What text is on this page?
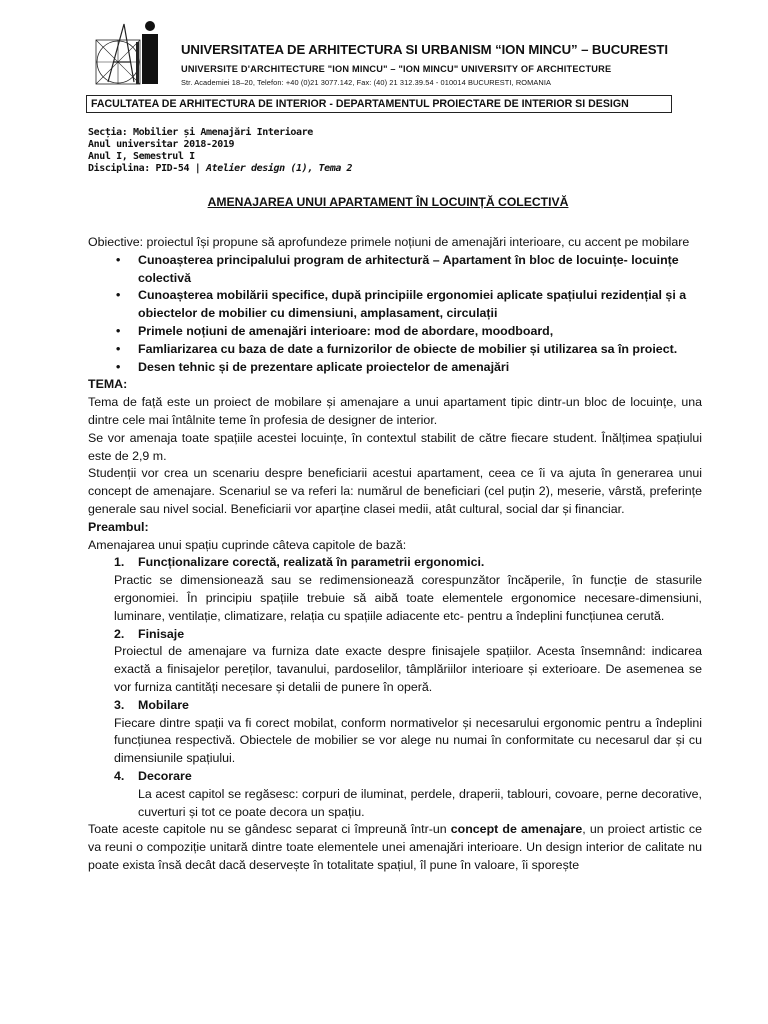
UNIVERSITATEA DE ARHITECTURA SI URBANISM “ION MINCU” – BUCURESTI
UNIVERSITE D'ARCHITECTURE "ION MINCU" – "ION MINCU" UNIVERSITY OF ARCHITECTURE
Str. Academiei 18–20, Telefon: +40 (0)21 3077.142, Fax: (40) 21 312.39.54 - 010014 BUCURESTI, ROMANIA
FACULTATEA DE ARHITECTURA DE INTERIOR - DEPARTAMENTUL PROIECTARE DE INTERIOR SI DESIGN
Secția: Mobilier și Amenajări Interioare
Anul universitar 2018-2019
Anul I, Semestrul I
Disciplina: PID-54 | Atelier design (1), Tema 2
AMENAJAREA UNUI APARTAMENT ÎN LOCUINȚĂ COLECTIVĂ

Obiective: proiectul își propune să aprofundeze primele noțiuni de amenajări interioare, cu accent pe mobilare

• Cunoașterea principalului program de arhitectură – Apartament în bloc de locuințe- locuințe colectivă
• Cunoașterea mobilării specifice, după principiile ergonomiei aplicate spațiului rezidențial și a obiectelor de mobilier cu dimensiuni, amplasament, circulații
• Primele noțiuni de amenajări interioare: mod de abordare, moodboard,
• Famliarizarea cu baza de date a furnizorilor de obiecte de mobilier și utilizarea sa în proiect.
• Desen tehnic și de prezentare aplicate proiectelor de amenajări

TEMA:

Tema de față este un proiect de mobilare și amenajare a unui apartament tipic dintr-un bloc de locuințe, una dintre cele mai întâlnite teme în profesia de designer de interior.

Se vor amenaja toate spațiile acestei locuințe, în contextul stabilit de către fiecare student. Înălțimea spațiului este de 2,9 m.

Studenții vor crea un scenariu despre beneficiarii acestui apartament, ceea ce îi va ajuta în generarea unui concept de amenajare. Scenariul se va referi la: numărul de beneficiari (cel puțin 2), meserie, vârstă, preferințe generale sau nivel social. Beneficiarii vor aparține clasei medii, atât cultural, social dar și financiar.

Preambul:

Amenajarea unui spațiu cuprinde câteva capitole de bază:

1. Funcționalizare corectă, realizată în parametrii ergonomici.
Practic se dimensionează sau se redimensionează corespunzător încăperile, în funcție de stasurile ergonomiei. În principiu spațiile trebuie să aibă toate elementele ergonomice necesare-dimensiuni, luminare, ventilație, climatizare, relația cu spațiile adiacente etc- pentru a îndeplini funcțiunea cerută.
2. Finisaje
Proiectul de amenajare va furniza date exacte despre finisajele spațiilor. Acesta însemnând: indicarea exactă a finisajelor pereților, tavanului, pardoselilor, tâmplăriilor interioare și exterioare. De asemenea se vor furniza cantități necesare și detalii de punere în operă.
3. Mobilare
Fiecare dintre spații va fi corect mobilat, conform normativelor și necesarului ergonomic pentru a îndeplini funcțiunea respectivă. Obiectele de mobilier se vor alege nu numai în conformitate cu necesarul dar și cu dimensiunile spațiului.
4. Decorare
La acest capitol se regăsesc: corpuri de iluminat, perdele, draperii, tablouri, covoare, perne decorative, cuverturi și tot ce poate decora un spațiu.

Toate aceste capitole nu se gândesc separat ci împreună într-un concept de amenajare, un proiect artistic ce va reuni o compoziție unitară dintre toate elementele unei amenajări interioare. Un design interior de calitate nu poate exista însă decât dacă deservește în totalitate spațiul, îl pune în valoare, îi sporește
